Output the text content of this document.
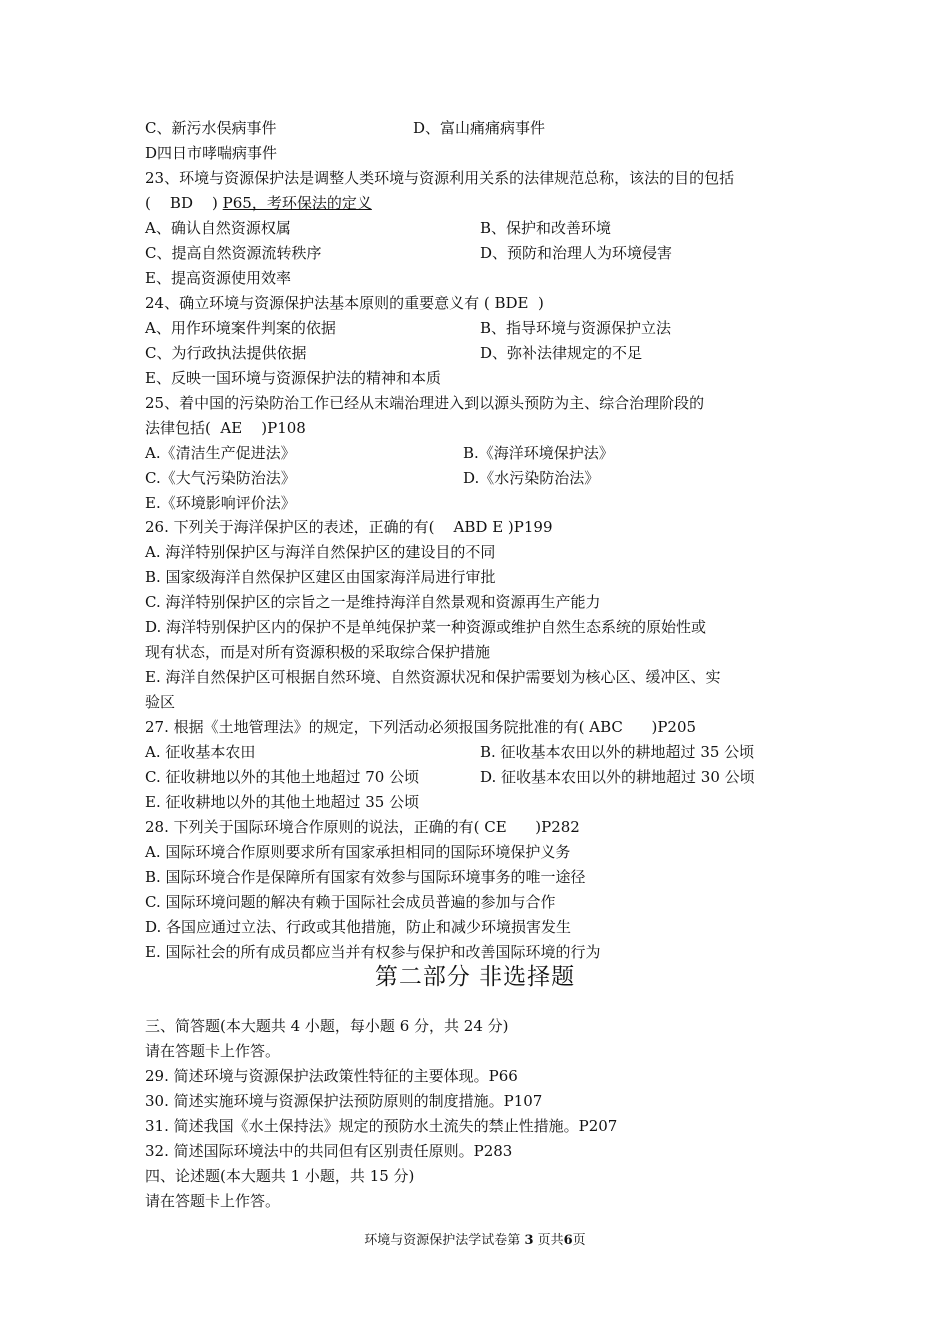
C、新污水俣病事件	D、富山痛痛病事件
D四日市哮喘病事件
23、环境与资源保护法是调整人类环境与资源利用关系的法律规范总称，该法的目的包括
(    BD    ) P65，考环保法的定义
A、确认自然资源权属	B、保护和改善环境
C、提高自然资源流转秩序	D、预防和治理人为环境侵害
E、提高资源使用效率
24、确立环境与资源保护法基本原则的重要意义有 ( BDE  )
A、用作环境案件判案的依据	B、指导环境与资源保护立法
C、为行政执法提供依据	D、弥补法律规定的不足
E、反映一国环境与资源保护法的精神和本质
25、着中国的污染防治工作已经从末端治理进入到以源头预防为主、综合治理阶段的
法律包括(  AE    )P108
A.《清洁生产促进法》	B.《海洋环境保护法》
C.《大气污染防治法》	D.《水污染防治法》
E.《环境影响评价法》
26. 下列关于海洋保护区的表述，正确的有(    ABD E )P199
A. 海洋特别保护区与海洋自然保护区的建设目的不同
B. 国家级海洋自然保护区建区由国家海洋局进行审批
C. 海洋特别保护区的宗旨之一是维持海洋自然景观和资源再生产能力
D. 海洋特别保护区内的保护不是单纯保护菜一种资源或维护自然生态系统的原始性或
现有状态，而是对所有资源积极的采取综合保护措施
E. 海洋自然保护区可根据自然环境、自然资源状况和保护需要划为核心区、缓冲区、实
验区
27. 根据《土地管理法》的规定，下列活动必须报国务院批准的有( ABC      )P205
A. 征收基本农田	B. 征收基本农田以外的耕地超过 35 公顷
C. 征收耕地以外的其他土地超过 70 公顷	D. 征收基本农田以外的耕地超过 30 公顷
E. 征收耕地以外的其他土地超过 35 公顷
28. 下列关于国际环境合作原则的说法，正确的有( CE      )P282
A. 国际环境合作原则要求所有国家承担相同的国际环境保护义务
B. 国际环境合作是保障所有国家有效参与国际环境事务的唯一途径
C. 国际环境问题的解决有赖于国际社会成员普遍的参加与合作
D. 各国应通过立法、行政或其他措施，防止和减少环境损害发生
E. 国际社会的所有成员都应当并有权参与保护和改善国际环境的行为
第二部分 非选择题
三、简答题(本大题共 4 小题，每小题 6 分，共 24 分)
请在答题卡上作答。
29. 简述环境与资源保护法政策性特征的主要体现。P66
30. 简述实施环境与资源保护法预防原则的制度措施。P107
31. 简述我国《水土保持法》规定的预防水土流失的禁止性措施。P207
32. 简述国际环境法中的共同但有区别责任原则。P283
四、论述题(本大题共 1 小题，共 15 分)
请在答题卡上作答。
环境与资源保护法学试卷第 3 页共6页
